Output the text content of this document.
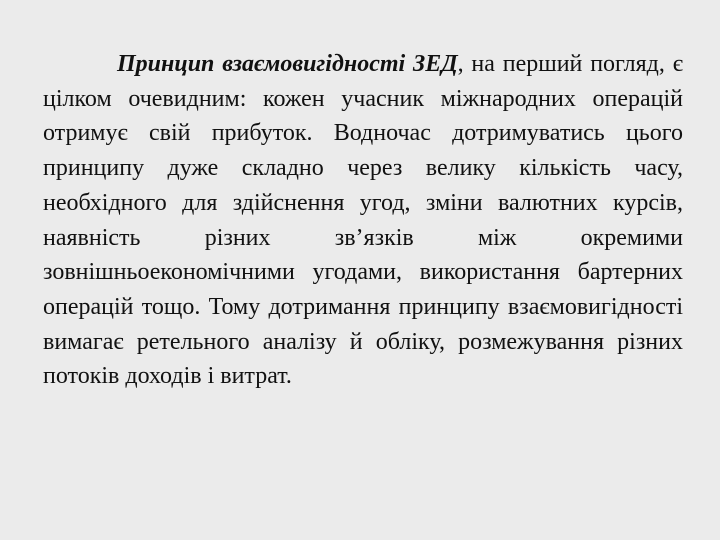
Принцип взаємовигідності ЗЕД, на перший погляд, є цілком очевидним: кожен учасник міжнародних операцій отримує свій прибуток. Водночас дотримуватись цього принципу дуже складно через велику кількість часу, необхідного для здійснення угод, зміни валютних курсів, наявність різних зв’язків між окремими зовнішньоекономічними угодами, використання бартерних операцій тощо. Тому дотримання принципу взаємовигідності вимагає ретельного аналізу й обліку, розмежування різних потоків доходів і витрат.
